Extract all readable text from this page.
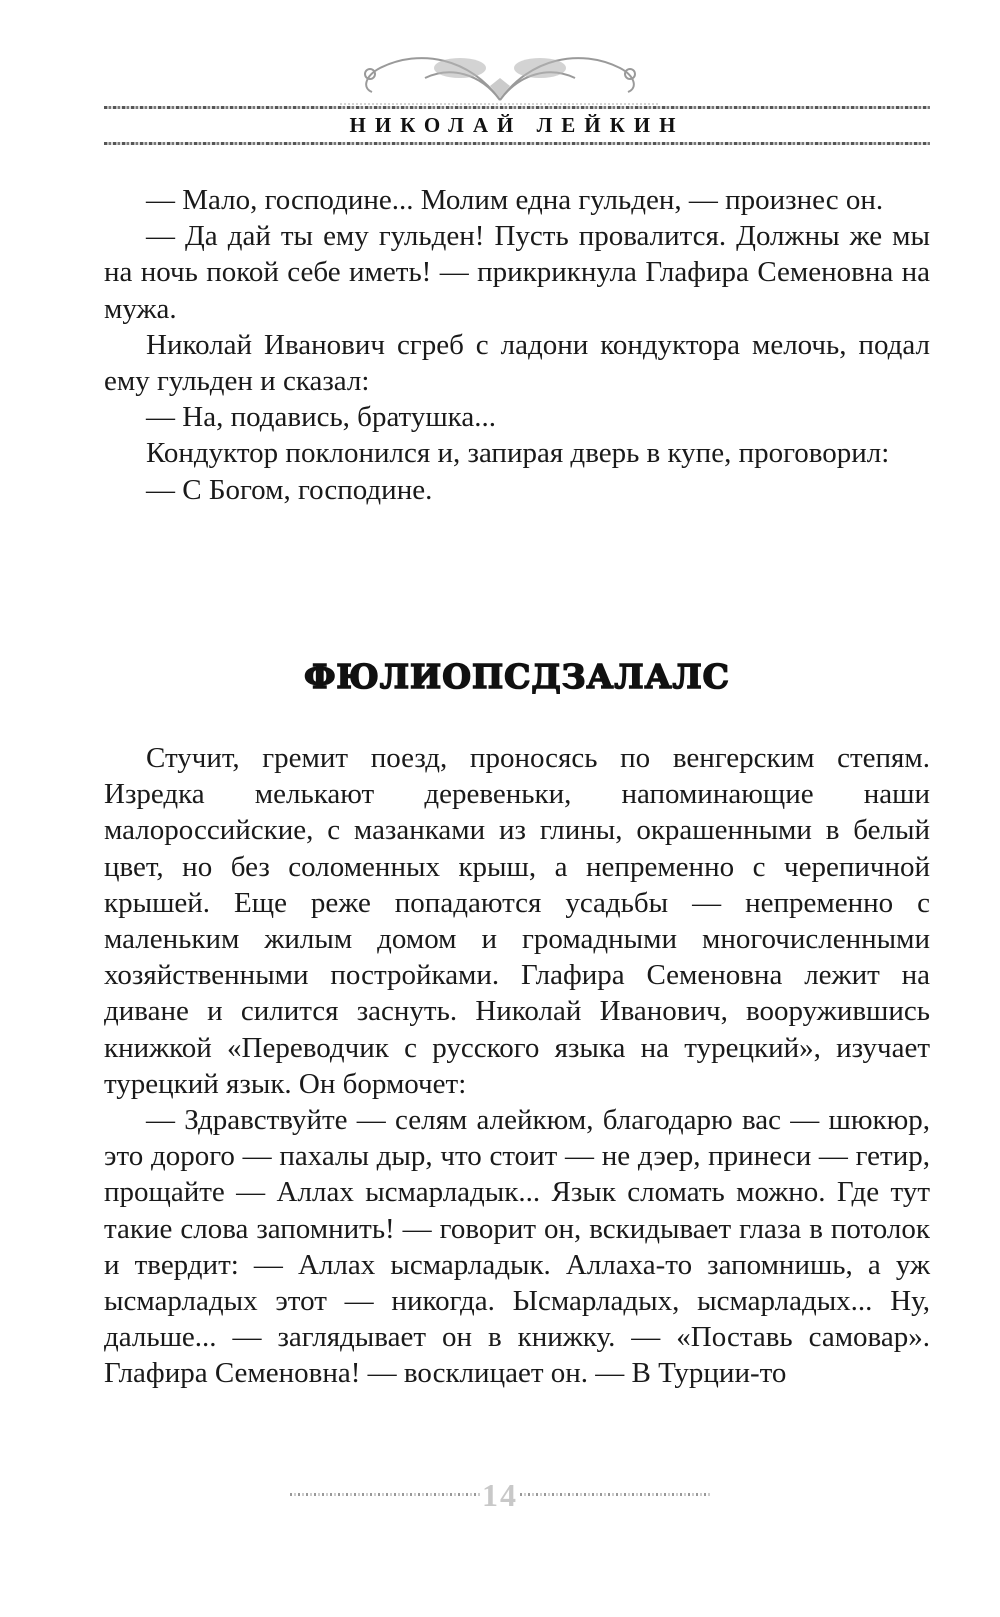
НИКОЛАЙ ЛЕЙКИН

— Мало, господине... Молим една гульден, — произнес он.

— Да дай ты ему гульден! Пусть провалится. Должны же мы на ночь покой себе иметь! — прикрикнула Глафира Семеновна на мужа.

Николай Иванович сгреб с ладони кондуктора мелочь, подал ему гульден и сказал:

— На, подавись, братушка...

Кондуктор поклонился и, запирая дверь в купе, проговорил:

— С Богом, господине.

ФЮЛИОПСДЗАЛАЛС

Стучит, гремит поезд, проносясь по венгерским степям. Изредка мелькают деревеньки, напоминающие наши малороссийские, с мазанками из глины, окрашенными в белый цвет, но без соломенных крыш, а непременно с черепичной крышей. Еще реже попадаются усадьбы — непременно с маленьким жилым домом и громадными многочисленными хозяйственными постройками. Глафира Семеновна лежит на диване и силится заснуть. Николай Иванович, вооружившись книжкой «Переводчик с русского языка на турецкий», изучает турецкий язык. Он бормочет:

— Здравствуйте — селям алейкюм, благодарю вас — шюкюр, это дорого — пахалы дыр, что стоит — не дэер, принеси — гетир, прощайте — Аллах ысмарладык... Язык сломать можно. Где тут такие слова запомнить! — говорит он, вскидывает глаза в потолок и твердит: — Аллах ысмарладык. Аллаха-то запомнишь, а уж ысмарладых этот — никогда. Ысмарладых, ысмарладых... Ну, дальше... — заглядывает он в книжку. — «Поставь самовар». Глафира Семеновна! — восклицает он. — В Турции-то

14
